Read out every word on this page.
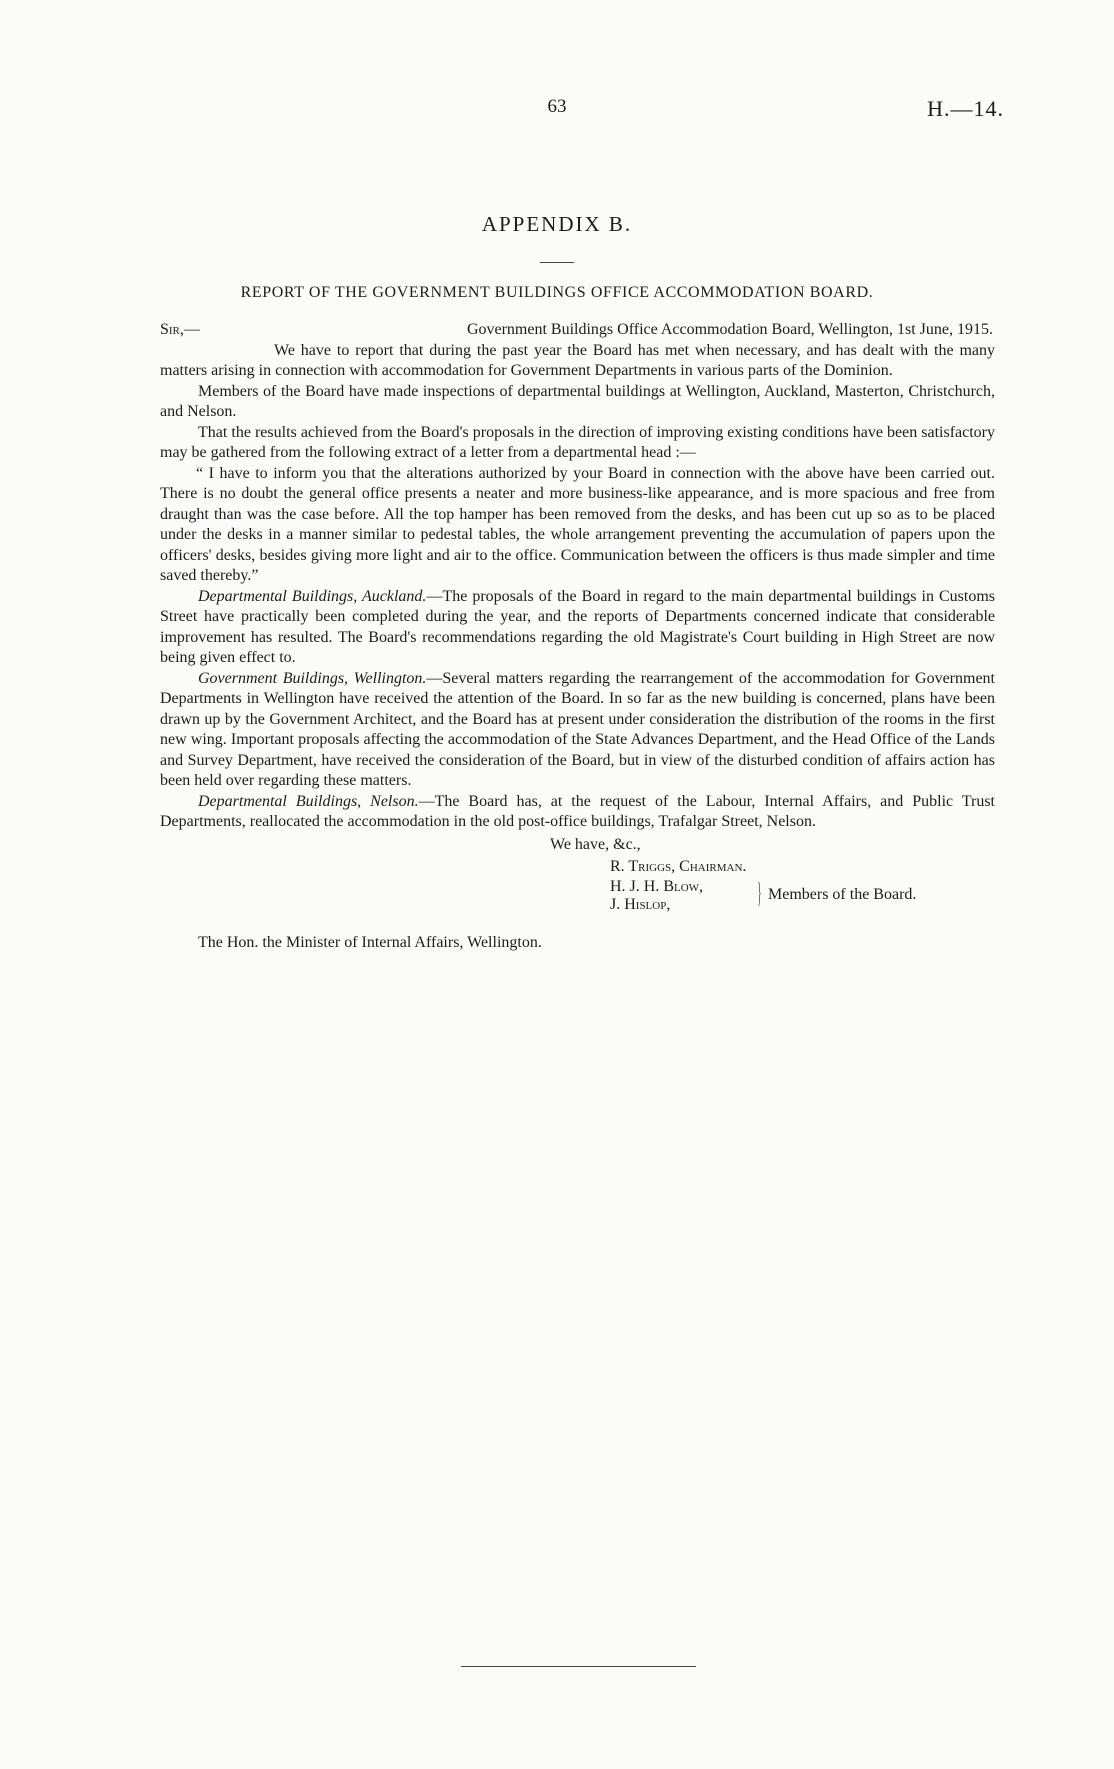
63	H.—14.
APPENDIX B.
REPORT OF THE GOVERNMENT BUILDINGS OFFICE ACCOMMODATION BOARD.
Sir,—	Government Buildings Office Accommodation Board, Wellington, 1st June, 1915.

We have to report that during the past year the Board has met when necessary, and has dealt with the many matters arising in connection with accommodation for Government Departments in various parts of the Dominion.

Members of the Board have made inspections of departmental buildings at Wellington, Auckland, Masterton, Christchurch, and Nelson.

That the results achieved from the Board's proposals in the direction of improving existing conditions have been satisfactory may be gathered from the following extract of a letter from a departmental head :—

“ I have to inform you that the alterations authorized by your Board in connection with the above have been carried out. There is no doubt the general office presents a neater and more business-like appearance, and is more spacious and free from draught than was the case before. All the top hamper has been removed from the desks, and has been cut up so as to be placed under the desks in a manner similar to pedestal tables, the whole arrangement preventing the accumulation of papers upon the officers' desks, besides giving more light and air to the office. Communication between the officers is thus made simpler and time saved thereby.”

Departmental Buildings, Auckland.—The proposals of the Board in regard to the main departmental buildings in Customs Street have practically been completed during the year, and the reports of Departments concerned indicate that considerable improvement has resulted. The Board's recommendations regarding the old Magistrate's Court building in High Street are now being given effect to.

Government Buildings, Wellington.—Several matters regarding the rearrangement of the accommodation for Government Departments in Wellington have received the attention of the Board. In so far as the new building is concerned, plans have been drawn up by the Government Architect, and the Board has at present under consideration the distribution of the rooms in the first new wing. Important proposals affecting the accommodation of the State Advances Department, and the Head Office of the Lands and Survey Department, have received the consideration of the Board, but in view of the disturbed condition of affairs action has been held over regarding these matters.

Departmental Buildings, Nelson.—The Board has, at the request of the Labour, Internal Affairs, and Public Trust Departments, reallocated the accommodation in the old post-office buildings, Trafalgar Street, Nelson.

We have, &c.,
R. Triggs, Chairman.
H. J. H. Blow,
J. Hislop,	} Members of the Board.
The Hon. the Minister of Internal Affairs, Wellington.
